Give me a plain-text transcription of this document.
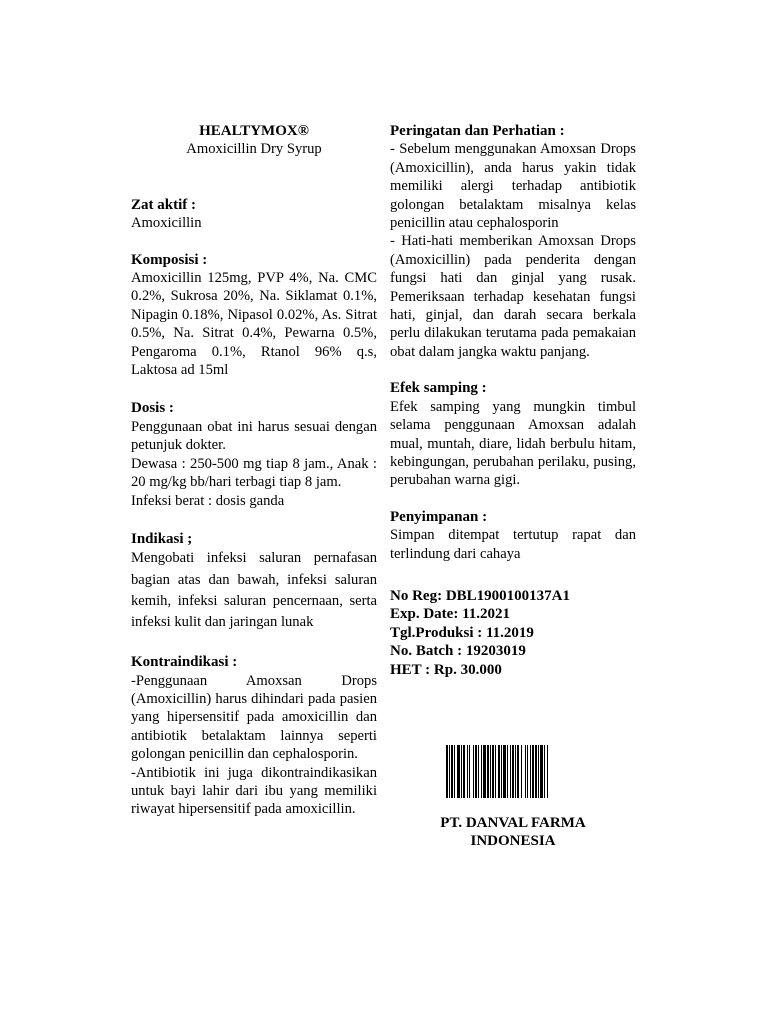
HEALTYMOX®

Amoxicillin Dry Syrup

Zat aktif :

Amoxicillin

Komposisi :

Amoxicillin 125mg, PVP 4%, Na. CMC 0.2%, Sukrosa 20%, Na. Siklamat 0.1%, Nipagin 0.18%, Nipasol 0.02%, As. Sitrat 0.5%, Na. Sitrat 0.4%, Pewarna 0.5%, Pengaroma 0.1%, Rtanol 96% q.s, Laktosa ad 15ml

Dosis :

Penggunaan obat ini harus sesuai dengan petunjuk dokter.

Dewasa : 250-500 mg tiap 8 jam., Anak : 20 mg/kg bb/hari terbagi tiap 8 jam.

Infeksi berat : dosis ganda

Indikasi ;

Mengobati infeksi saluran pernafasan bagian atas dan bawah, infeksi saluran kemih, infeksi saluran pencernaan, serta infeksi kulit dan jaringan lunak

Kontraindikasi :

-Penggunaan Amoxsan Drops (Amoxicillin) harus dihindari pada pasien yang hipersensitif pada amoxicillin dan antibiotik betalaktam lainnya seperti golongan penicillin dan cephalosporin.

-Antibiotik ini juga dikontraindikasikan untuk bayi lahir dari ibu yang memiliki riwayat hipersensitif pada amoxicillin.

Peringatan dan Perhatian :

- Sebelum menggunakan Amoxsan Drops (Amoxicillin), anda harus yakin tidak memiliki alergi terhadap antibiotik golongan betalaktam misalnya kelas penicillin atau cephalosporin

- Hati-hati memberikan Amoxsan Drops (Amoxicillin) pada penderita dengan fungsi hati dan ginjal yang rusak. Pemeriksaan terhadap kesehatan fungsi hati, ginjal, dan darah secara berkala perlu dilakukan terutama pada pemakaian obat dalam jangka waktu panjang.

Efek samping :

Efek samping yang mungkin timbul selama penggunaan Amoxsan adalah mual, muntah, diare, lidah berbulu hitam, kebingungan, perubahan perilaku, pusing, perubahan warna gigi.

Penyimpanan :

Simpan ditempat tertutup rapat dan terlindung dari cahaya

No Reg: DBL1900100137A1

Exp. Date: 11.2021

Tgl.Produksi : 11.2019

No. Batch : 19203019

HET : Rp. 30.000

PT. DANVAL FARMA

INDONESIA
